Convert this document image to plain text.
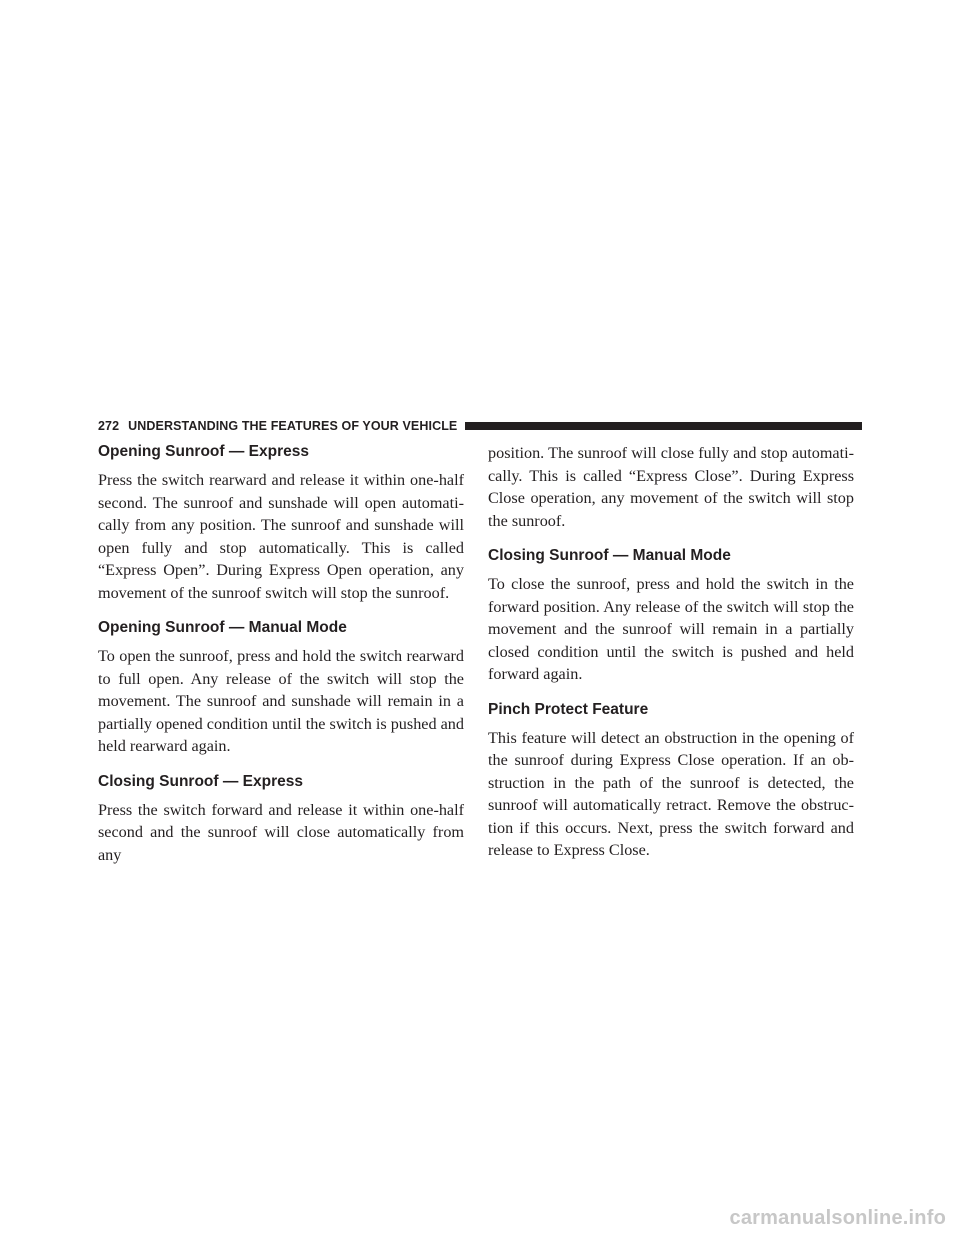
272 UNDERSTANDING THE FEATURES OF YOUR VEHICLE
Opening Sunroof — Express

Press the switch rearward and release it within one-half second. The sunroof and sunshade will open automati-cally from any position. The sunroof and sunshade will open fully and stop automatically. This is called “Express Open”. During Express Open operation, any movement of the sunroof switch will stop the sunroof.

Opening Sunroof — Manual Mode

To open the sunroof, press and hold the switch rearward to full open. Any release of the switch will stop the movement. The sunroof and sunshade will remain in a partially opened condition until the switch is pushed and held rearward again.

Closing Sunroof — Express

Press the switch forward and release it within one-half second and the sunroof will close automatically from any

position. The sunroof will close fully and stop automati-cally. This is called “Express Close”. During Express Close operation, any movement of the switch will stop the sunroof.

Closing Sunroof — Manual Mode

To close the sunroof, press and hold the switch in the forward position. Any release of the switch will stop the movement and the sunroof will remain in a partially closed condition until the switch is pushed and held forward again.

Pinch Protect Feature

This feature will detect an obstruction in the opening of the sunroof during Express Close operation. If an ob-struction in the path of the sunroof is detected, the sunroof will automatically retract. Remove the obstruc-tion if this occurs. Next, press the switch forward and release to Express Close.

carmanualsonline.info
